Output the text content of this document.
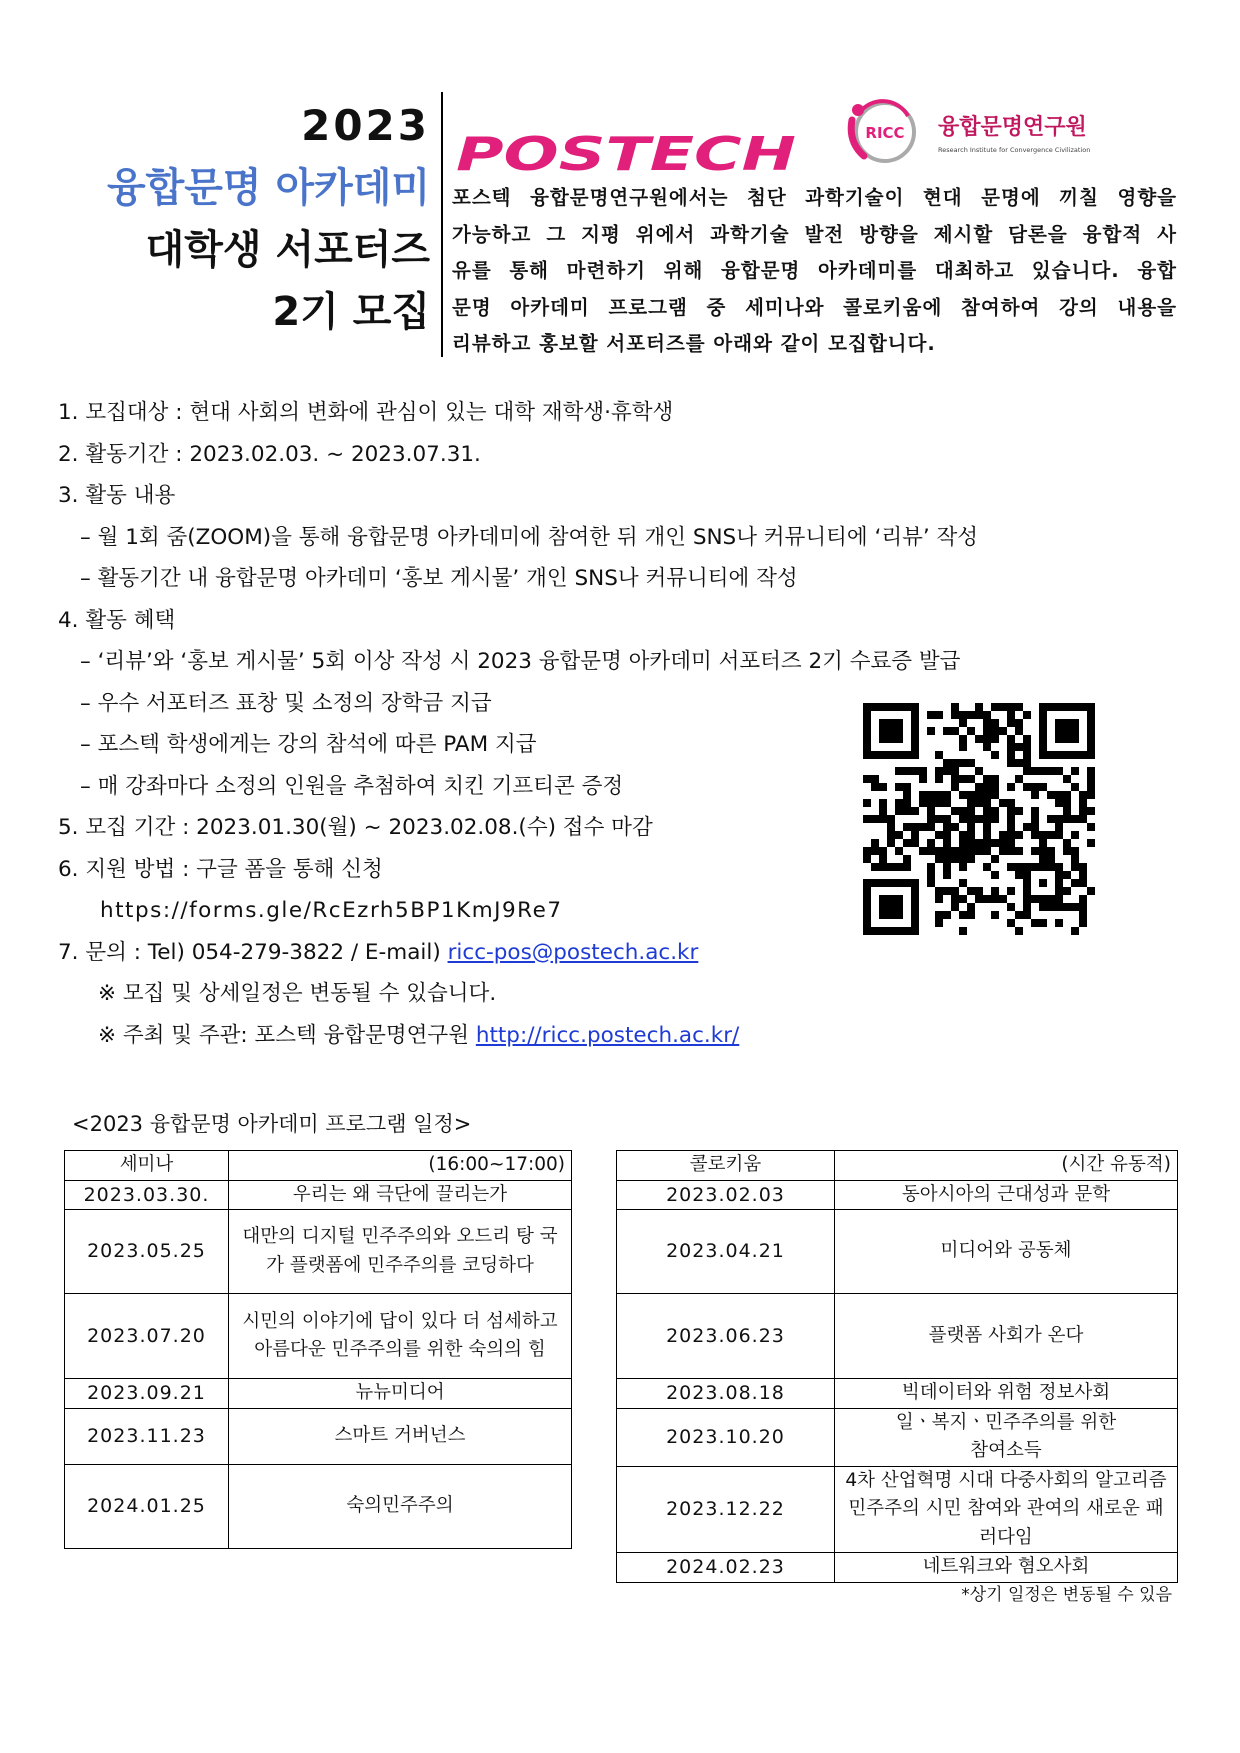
2023
융합문명 아카데미
대학생 서포터즈
2기 모집
POSTECH	RICC 융합문명연구원
Research Institute for Convergence Civilization
포스텍 융합문명연구원에서는 첨단 과학기술이 현대 문명에 끼칠 영향을
가능하고 그 지평 위에서 과학기술 발전 방향을 제시할 담론을 융합적 사
유를 통해 마련하기 위해 융합문명 아카데미를 대최하고 있습니다. 융합
문명 아카데미 프로그램 중 세미나와 콜로키움에 참여하여 강의 내용을
리뷰하고 홍보할 서포터즈를 아래와 같이 모집합니다.
1. 모집대상 : 현대 사회의 변화에 관심이 있는 대학 재학생·휴학생
2. 활동기간 : 2023.02.03. ~ 2023.07.31.
3. 활동 내용
– 월 1회 줌(ZOOM)을 통해 융합문명 아카데미에 참여한 뒤 개인 SNS나 커뮤니티에 ‘리뷰’ 작성
– 활동기간 내 융합문명 아카데미 ‘홍보 게시물’ 개인 SNS나 커뮤니티에 작성
4. 활동 혜택
– ‘리뷰’와 ‘홍보 게시물’ 5회 이상 작성 시 2023 융합문명 아카데미 서포터즈 2기 수료증 발급
– 우수 서포터즈 표창 및 소정의 장학금 지급
– 포스텍 학생에게는 강의 참석에 따른 PAM 지급
– 매 강좌마다 소정의 인원을 추첨하여 치킨 기프티콘 증정
5. 모집 기간 : 2023.01.30(월) ~ 2023.02.08.(수) 접수 마감
6. 지원 방법 : 구글 폼을 통해 신청
https://forms.gle/RcEzrh5BP1KmJ9Re7
7. 문의 : Tel) 054-279-3822 / E-mail) ricc-pos@postech.ac.kr
※ 모집 및 상세일정은 변동될 수 있습니다.
※ 주최 및 주관: 포스텍 융합문명연구원 http://ricc.postech.ac.kr/
<2023 융합문명 아카데미 프로그램 일정>
세미나	(16:00~17:00)
2023.03.30.	우리는 왜 극단에 끌리는가
2023.05.25	대만의 디지털 민주주의와 오드리 탕 국가 플랫폼에 민주주의를 코딩하다
2023.07.20	시민의 이야기에 답이 있다 더 섬세하고 아름다운 민주주의를 위한 숙의의 힘
2023.09.21	뉴뉴미디어
2023.11.23	스마트 거버넌스
2024.01.25	숙의민주주의
콜로키움	(시간 유동적)
2023.02.03	동아시아의 근대성과 문학
2023.04.21	미디어와 공동체
2023.06.23	플랫폼 사회가 온다
2023.08.18	빅데이터와 위험 정보사회
2023.10.20	일ㆍ복지ㆍ민주주의를 위한 참여소득
2023.12.22	4차 산업혁명 시대 다중사회의 알고리즘 민주주의 시민 참여와 관여의 새로운 패러다임
2024.02.23	네트워크와 혐오사회
*상기 일정은 변동될 수 있음
